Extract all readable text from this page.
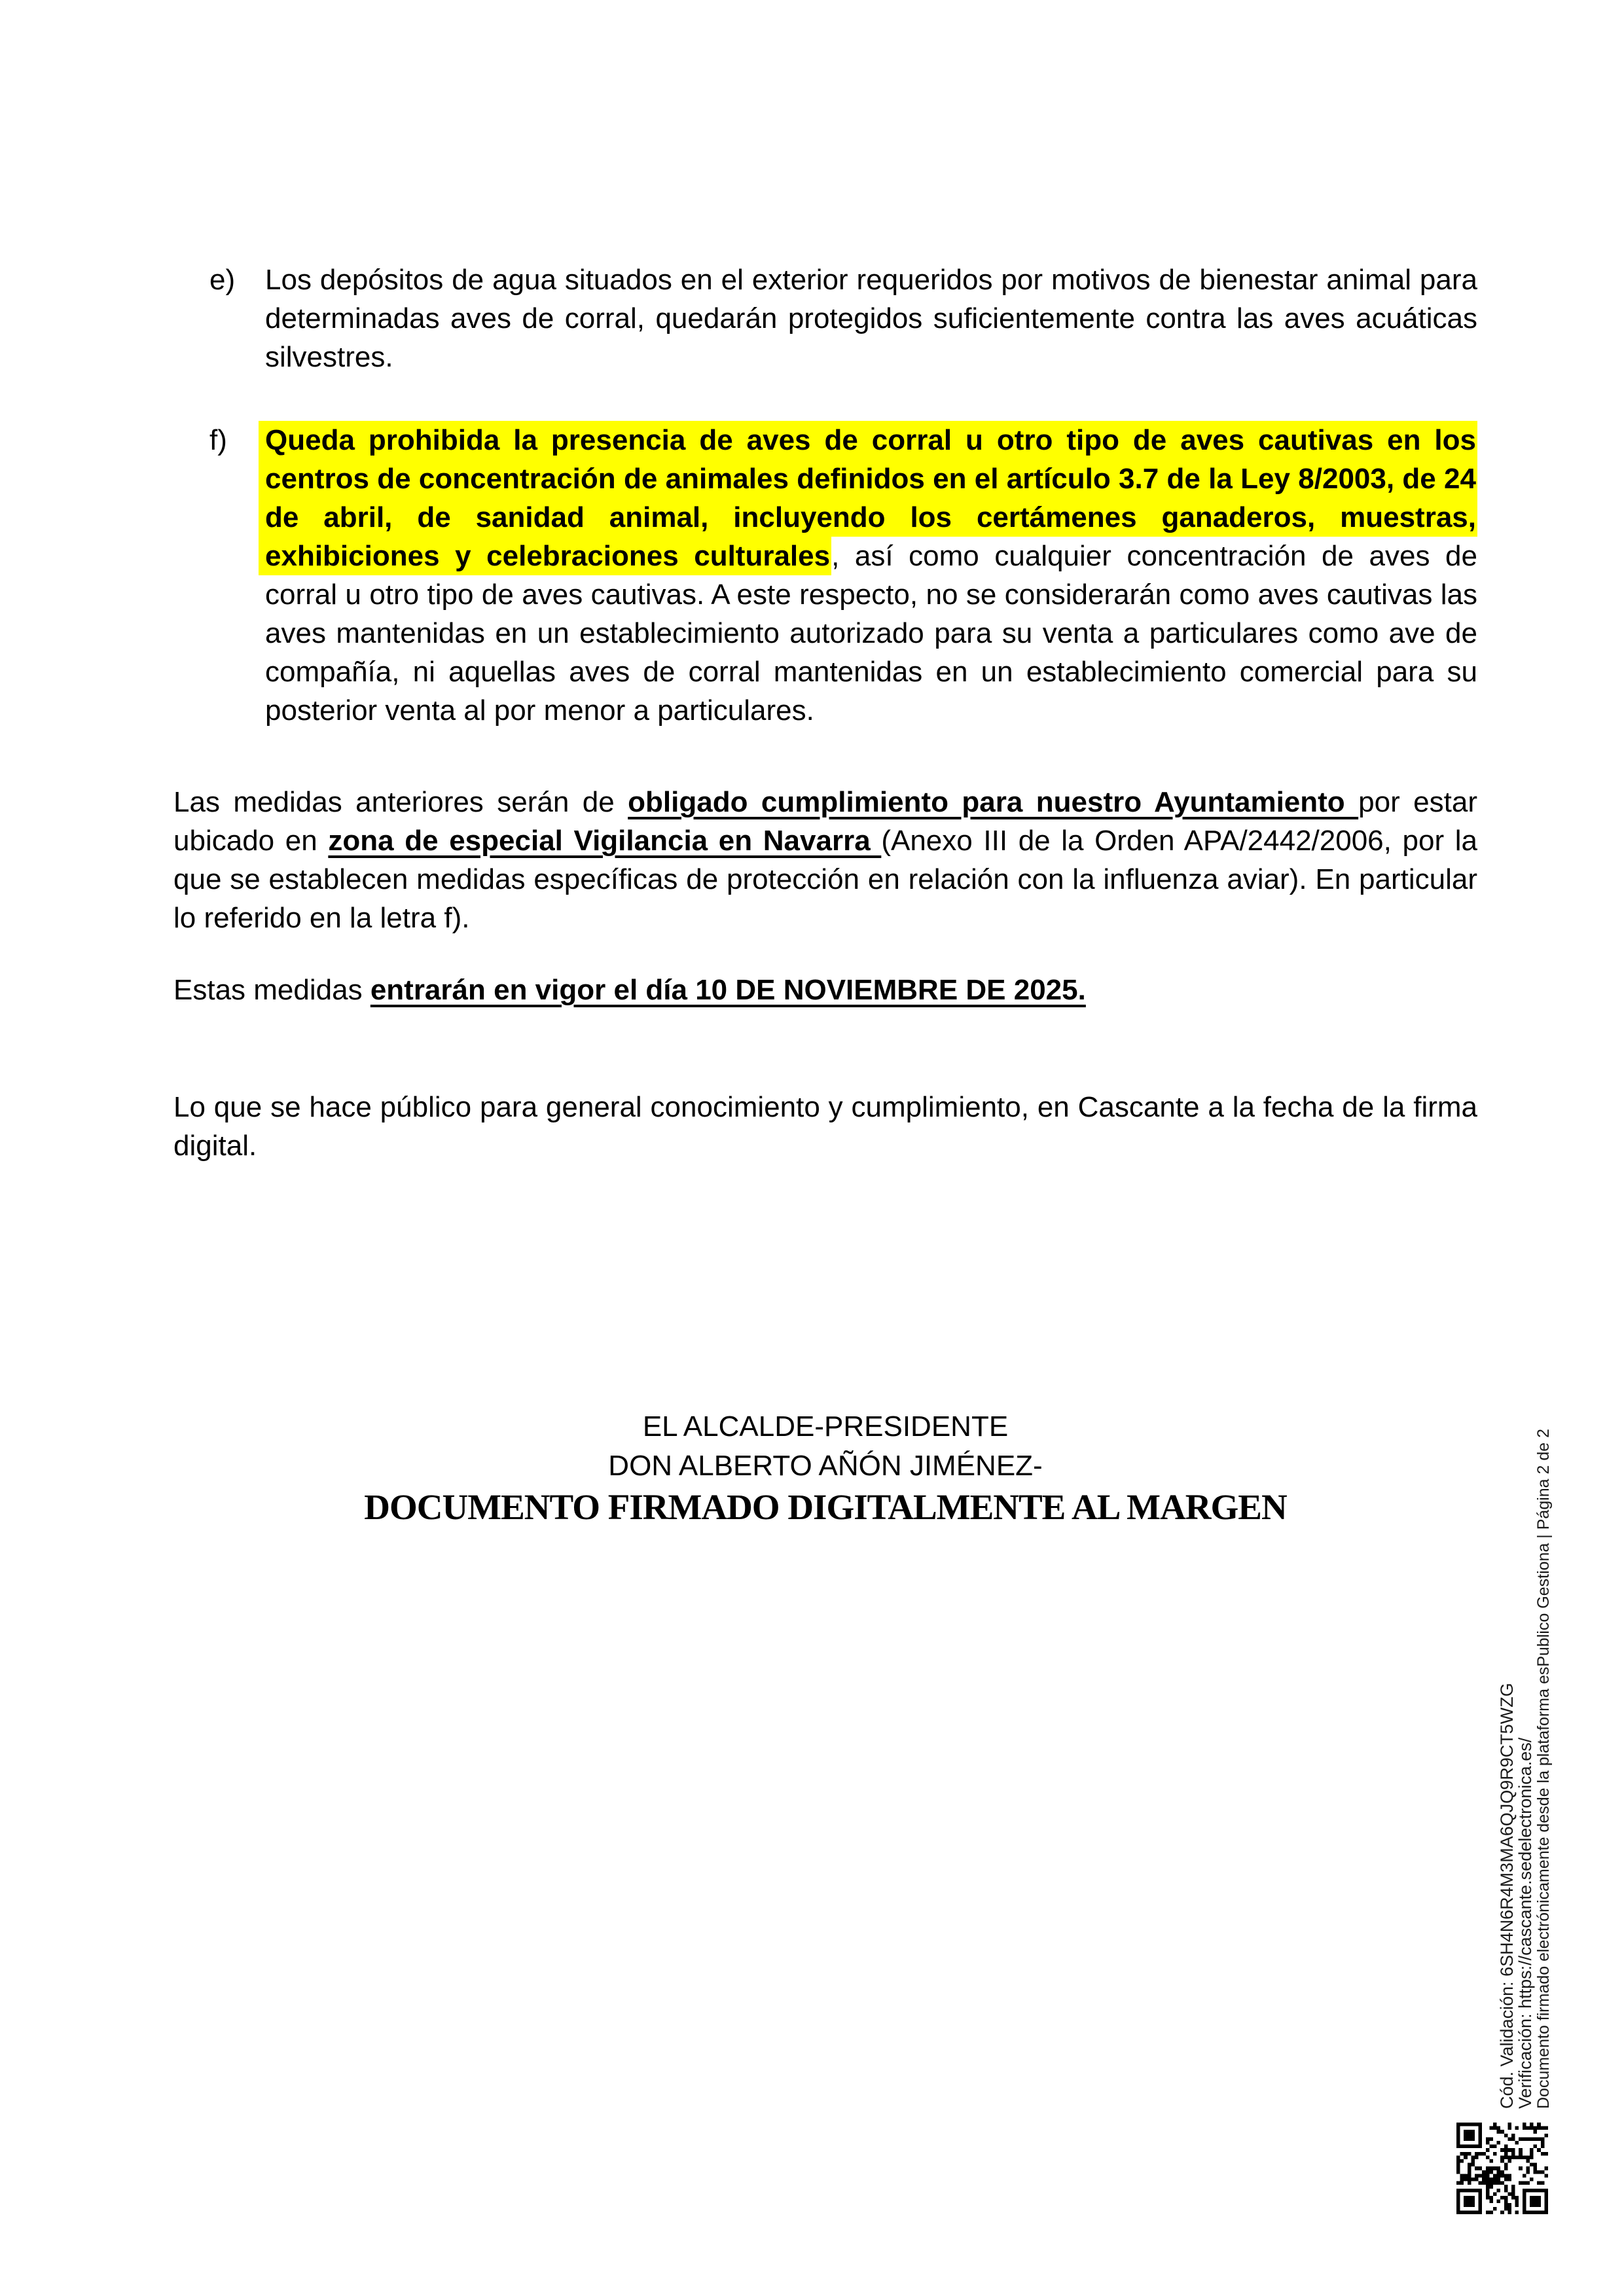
e)	Los depósitos de agua situados en el exterior requeridos por motivos de bienestar animal para determinadas aves de corral, quedarán protegidos suficientemente contra las aves acuáticas silvestres.
f)	Queda prohibida la presencia de aves de corral u otro tipo de aves cautivas en los centros de concentración de animales definidos en el artículo 3.7 de la Ley 8/2003, de 24 de abril, de sanidad animal, incluyendo los certámenes ganaderos, muestras, exhibiciones y celebraciones culturales, así como cualquier concentración de aves de corral u otro tipo de aves cautivas. A este respecto, no se considerarán como aves cautivas las aves mantenidas en un establecimiento autorizado para su venta a particulares como ave de compañía, ni aquellas aves de corral mantenidas en un establecimiento comercial para su posterior venta al por menor a particulares.

Las medidas anteriores serán de obligado cumplimiento para nuestro Ayuntamiento por estar ubicado en zona de especial Vigilancia en Navarra (Anexo III de la Orden APA/2442/2006, por la que se establecen medidas específicas de protección en relación con la influenza aviar). En particular lo referido en la letra f).

Estas medidas entrarán en vigor el día 10 DE NOVIEMBRE DE 2025.

Lo que se hace público para general conocimiento y cumplimiento, en Cascante a la fecha de la firma digital.

EL ALCALDE-PRESIDENTE
DON ALBERTO AÑÓN JIMÉNEZ-
DOCUMENTO FIRMADO DIGITALMENTE AL MARGEN
Cód. Validación: 6SH4N6R4M3MA6QJQ9R9CT5WZG
Verificación: https://cascante.sedelectronica.es/ Documento firmado electrónicamente desde la plataforma esPublico Gestiona | Página 2 de 2
